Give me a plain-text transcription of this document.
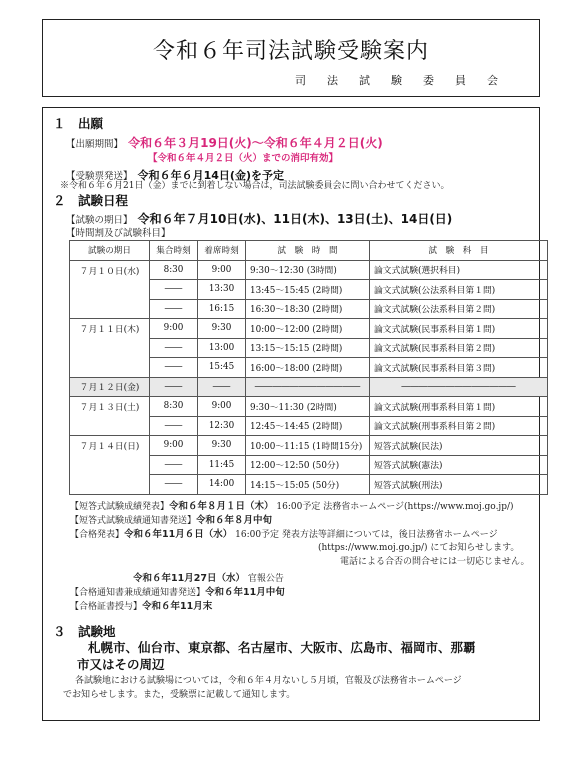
令和６年司法試験受験案内
司　法　試　験　委　員　会
１　出願
【出願期間】 令和６年３月19日(火)～令和６年４月２日(火)
【令和６年４月２日（火）までの消印有効】
【受験票発送】 令和６年６月14日(金)を予定
※令和６年６月21日（金）までに到着しない場合は，司法試験委員会に問い合わせてください。
２　試験日程
【試験の期日】 令和６年７月10日(水)、11日(木)、13日(土)、14日(日)
【時間割及び試験科目】
試験の期日	集合時刻	着席時刻	試　験　時　間	試　験　科　目
７月１０日(水)	8:30	9:00	9:30～12:30 (3時間)	論文式試験(選択科目)
	――	13:30	13:45～15:45 (2時間)	論文式試験(公法系科目第１問)
	――	16:15	16:30～18:30 (2時間)	論文式試験(公法系科目第２問)
７月１１日(木)	9:00	9:30	10:00～12:00 (2時間)	論文式試験(民事系科目第１問)
	――	13:00	13:15～15:15 (2時間)	論文式試験(民事系科目第２問)
	――	15:45	16:00～18:00 (2時間)	論文式試験(民事系科目第３問)
７月１２日(金)	――	――	――――――――――――	―――――――――――――
７月１３日(土)	8:30	9:00	9:30～11:30 (2時間)	論文式試験(刑事系科目第１問)
	――	12:30	12:45～14:45 (2時間)	論文式試験(刑事系科目第２問)
７月１４日(日)	9:00	9:30	10:00～11:15 (1時間15分)	短答式試験(民法)
	――	11:45	12:00～12:50 (50分)	短答式試験(憲法)
	――	14:00	14:15～15:05 (50分)	短答式試験(刑法)
【短答式試験成績発表】令和６年８月１日（木） 16:00予定 法務省ホームページ(https://www.moj.go.jp/)
【短答式試験成績通知書発送】令和６年８月中旬
【合格発表】令和６年11月６日（水） 16:00予定 発表方法等詳細については，後日法務省ホームページ
(https://www.moj.go.jp/) にてお知らせします。
電話による合否の問合せには一切応じません。
令和６年11月27日（水） 官報公告
【合格通知書兼成績通知書発送】令和６年11月中旬
【合格証書授与】令和６年11月末
３　試験地
札幌市、仙台市、東京都、名古屋市、大阪市、広島市、福岡市、那覇
市又はその周辺
各試験地における試験場については，令和６年４月ないし５月頃，官報及び法務省ホームページ
でお知らせします。また，受験票に記載して通知します。
